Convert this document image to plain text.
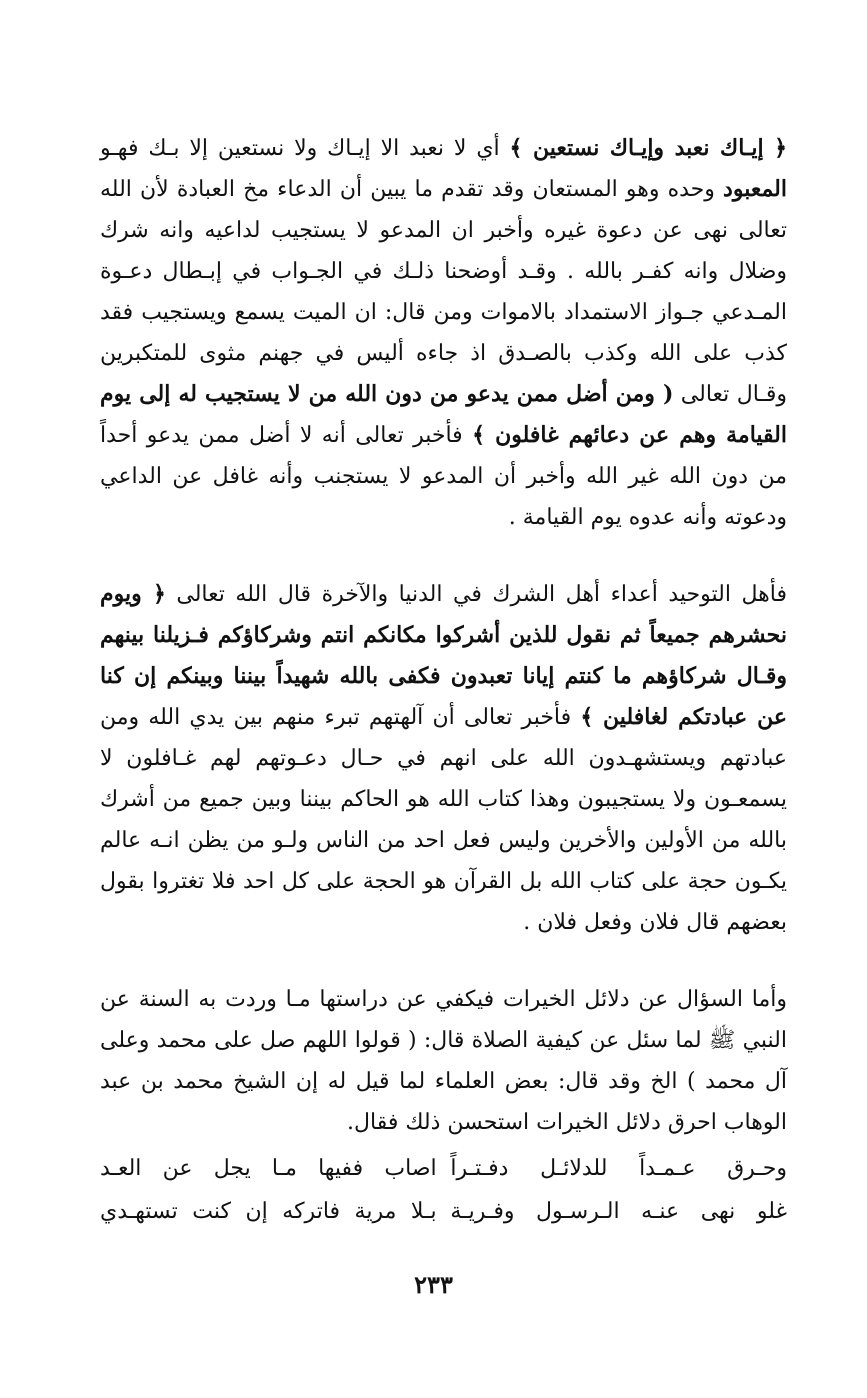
﴿ إيـاك نعبد وإيـاك نستعين ﴾ أي لا نعبد الا إيـاك ولا نستعين إلا بـك فهـو المعبود وحده وهو المستعان وقد تقدم ما يبين أن الدعاء مخ العبادة لأن الله تعالى نهى عن دعوة غيره وأخبر ان المدعو لا يستجيب لداعيه وانه شرك وضلال وانه كفـر بالله . وقـد أوضحنا ذلـك في الجـواب في إبـطال دعـوة المـدعي جـواز الاستمداد بالاموات ومن قال: ان الميت يسمع ويستجيب فقد كذب على الله وكذب بالصـدق اذ جاءه أليس في جهنم مثوى للمتكبرين وقـال تعالى ( ومن أضل ممن يدعو من دون الله من لا يستجيب له إلى يوم القيامة وهم عن دعائهم غافلون ﴾ فأخبر تعالى أنه لا أضل ممن يدعو أحداً من دون الله غير الله وأخبر أن المدعو لا يستجنب وأنه غافل عن الداعي ودعوته وأنه عدوه يوم القيامة .

فأهل التوحيد أعداء أهل الشرك في الدنيا والآخرة قال الله تعالى ﴿ ويوم نحشرهم جميعاً ثم نقول للذين أشركوا مكانكم انتم وشركاؤكم فـزيلنا بينهم وقـال شركاؤهم ما كنتم إيانا تعبدون فكفى بالله شهيداً بيننا وبينكم إن كنا عن عبادتكم لغافلين ﴾ فأخبر تعالى أن آلهتهم تبرء منهم بين يدي الله ومن عبادتهم ويستشهـدون الله على انهم في حـال دعـوتهم لهم غـافلون لا يسمعـون ولا يستجيبون وهذا كتاب الله هو الحاكم بيننا وبين جميع من أشرك بالله من الأولين والأخرين وليس فعل احد من الناس ولـو من يظن انـه عالم يكـون حجة على كتاب الله بل القرآن هو الحجة على كل احد فلا تغتروا بقول بعضهم قال فلان وفعل فلان .

وأما السؤال عن دلائل الخيرات فيكفي عن دراستها مـا وردت به السنة عن النبي ﷺ لما سئل عن كيفية الصلاة قال: ( قولوا اللهم صل على محمد وعلى آل محمد ) الخ وقد قال: بعض العلماء لما قيل له إن الشيخ محمد بن عبد الوهاب احرق دلائل الخيرات استحسن ذلك فقال.

وحـرق عـمـداً للدلائـل دفـتـراً
اصاب ففيها مـا يجل عن العـد
غلو نهى عنـه الـرسـول وفـريـة
بـلا مرية فاتركه إن كنت تستهـدي
٢٣٣
